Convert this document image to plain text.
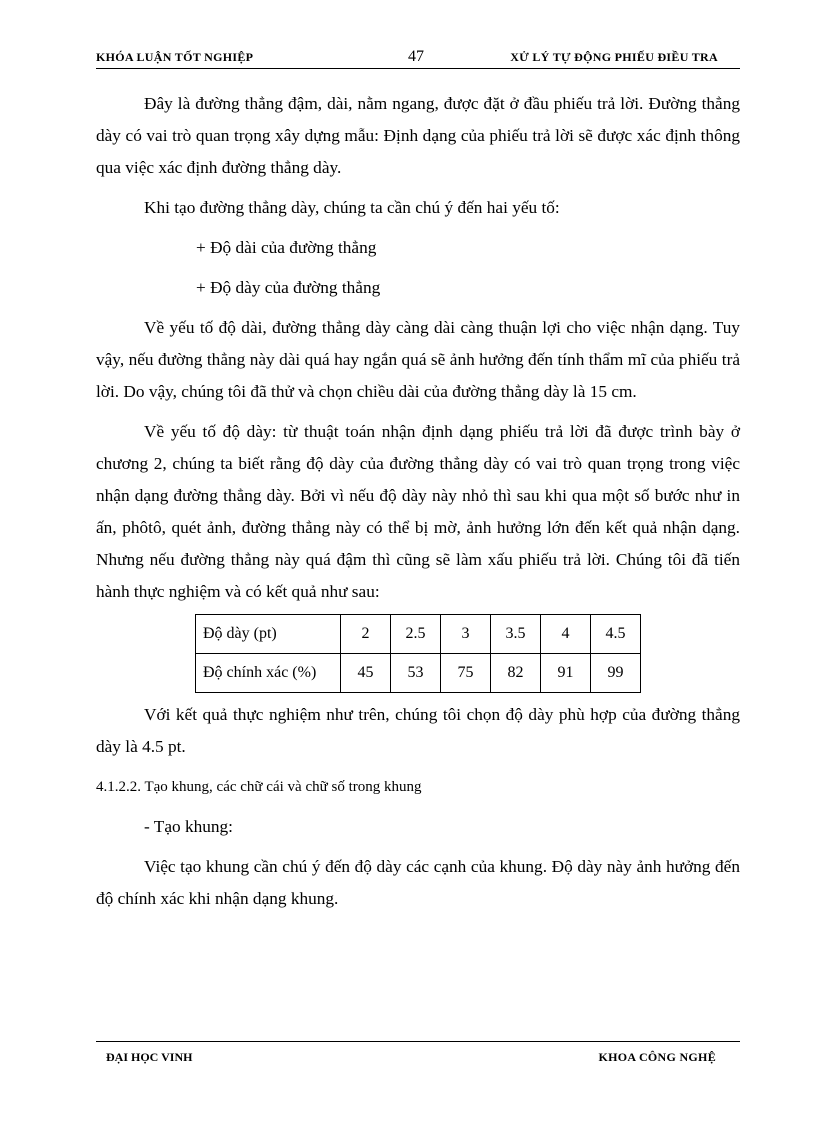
KHÓA LUẬN TỐT NGHIỆP	47	XỬ LÝ TỰ ĐỘNG PHIẾU ĐIỀU TRA

Đây là đường thẳng đậm, dài, nằm ngang, được đặt ở đầu phiếu trả lời. Đường thẳng dày có vai trò quan trọng xây dựng mẫu: Định dạng của phiếu trả lời sẽ được xác định thông qua việc xác định đường thẳng dày.

Khi tạo đường thẳng dày, chúng ta cần chú ý đến hai yếu tố:

+ Độ dài của đường thẳng

+ Độ dày của đường thẳng

Về yếu tố độ dài, đường thẳng dày càng dài càng thuận lợi cho việc nhận dạng. Tuy vậy, nếu đường thẳng này dài quá hay ngắn quá sẽ ảnh hưởng đến tính thẩm mĩ của phiếu trả lời. Do vậy, chúng tôi đã thử và chọn chiều dài của đường thẳng dày là 15 cm.

Về yếu tố độ dày: từ thuật toán nhận định dạng phiếu trả lời đã được trình bày ở chương 2, chúng ta biết rằng độ dày của đường thẳng dày có vai trò quan trọng trong việc nhận dạng đường thẳng dày. Bởi vì nếu độ dày này nhỏ thì sau khi qua một số bước như in ấn, phôtô, quét ảnh, đường thẳng này có thể bị mờ, ảnh hưởng lớn đến kết quả nhận dạng. Nhưng nếu đường thẳng này quá đậm thì cũng sẽ làm xấu phiếu trả lời. Chúng tôi đã tiến hành thực nghiệm và có kết quả như sau:

Độ dày (pt)	2	2.5	3	3.5	4	4.5
Độ chính xác (%)	45	53	75	82	91	99

Với kết quả thực nghiệm như trên, chúng tôi chọn độ dày phù hợp của đường thẳng dày là 4.5 pt.

4.1.2.2. Tạo khung, các chữ cái và chữ số trong khung

- Tạo khung:

Việc tạo khung cần chú ý đến độ dày các cạnh của khung. Độ dày này ảnh hưởng đến độ chính xác khi nhận dạng khung.

ĐẠI HỌC VINH	KHOA CÔNG NGHỆ
